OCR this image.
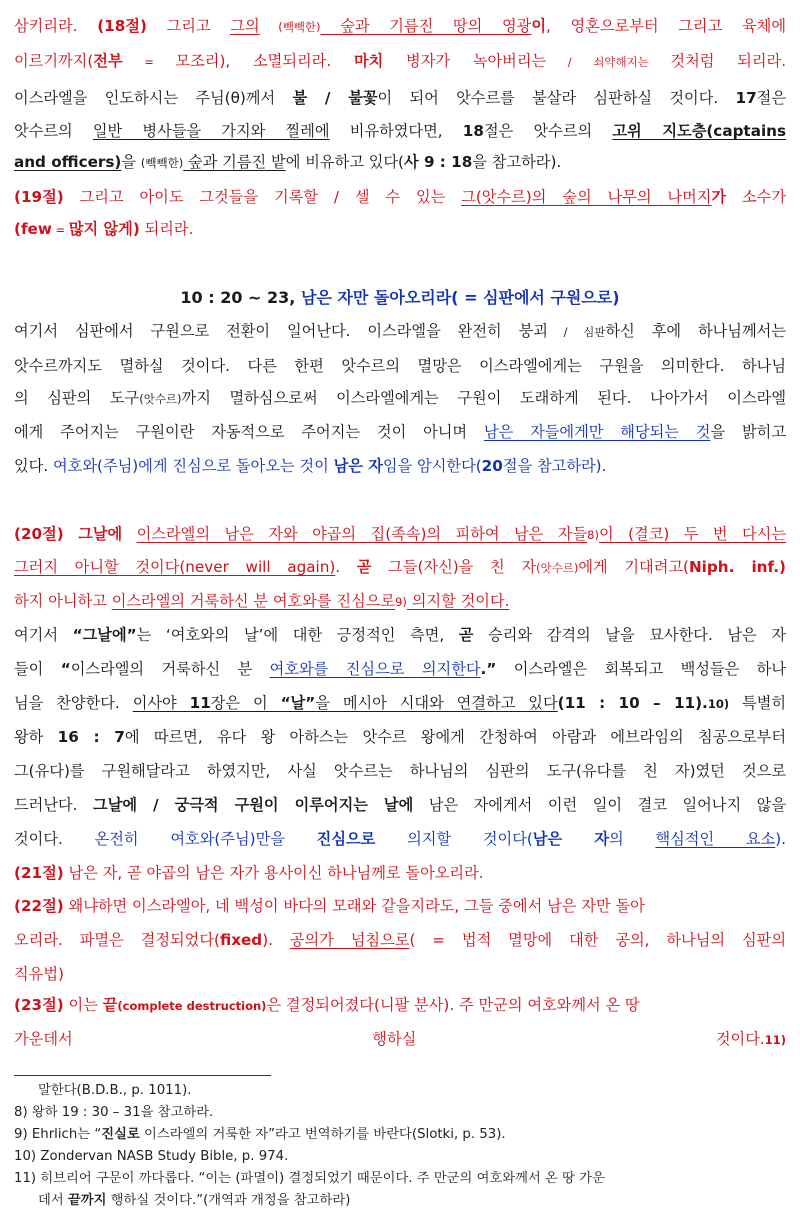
삼키리라. (18절) 그리고 그의 (빽빽한) 숲과 기름진 땅의 영광이, 영혼으로부터 그리고 육체에
이르기까지(전부 = 모조리), 소멸되리라. 마치 병자가 녹아버리는 / 쇠약해지는 것처럼 되리라.
이스라엘을 인도하시는 주님(θ)께서 불 / 불꽃이 되어 앗수르를 불살라 심판하실 것이다. 17절은
앗수르의 일반 병사들을 가지와 찔레에 비유하였다면, 18절은 앗수르의 고위 지도층(captains
and officers)을 (빽빽한) 숲과 기름진 밭에 비유하고 있다(사 9 : 18을 참고하라).
(19절) 그리고 아이도 그것들을 기록할 / 셀 수 있는 그(앗수르)의 숲의 나무의 나머지가 소수가
(few = 많지 않게) 되리라.
10 : 20 ~ 23, 남은 자만 돌아오리라( = 심판에서 구원으로)
여기서 심판에서 구원으로 전환이 일어난다. 이스라엘을 완전히 붕괴 / 심판하신 후에 하나님께서는
앗수르까지도 멸하실 것이다. 다른 한편 앗수르의 멸망은 이스라엘에게는 구원을 의미한다. 하나님
의 심판의 도구(앗수르)까지 멸하심으로써 이스라엘에게는 구원이 도래하게 된다. 나아가서 이스라엘
에게 주어지는 구원이란 자동적으로 주어지는 것이 아니며 남은 자들에게만 해당되는 것을 밝히고
있다. 여호와(주님)에게 진심으로 돌아오는 것이 남은 자임을 암시한다(20절을 참고하라).
(20절) 그날에 이스라엘의 남은 자와 야곱의 집(족속)의 피하여 남은 자들8)이 (결코) 두 번 다시는
그러지 아니할 것이다(never will again). 곧 그들(자신)을 친 자(앗수르)에게 기대려고(Niph. inf.)
하지 아니하고 이스라엘의 거룩하신 분 여호와를 진심으로9) 의지할 것이다.
여기서 “그날에”는 ‘여호와의 날’에 대한 긍정적인 측면, 곧 승리와 감격의 날을 묘사한다. 남은 자
들이 “이스라엘의 거룩하신 분 여호와를 진심으로 의지한다.” 이스라엘은 회복되고 백성들은 하나
님을 찬양한다. 이사야 11장은 이 “날”을 메시아 시대와 연결하고 있다(11 : 10 – 11).10) 특별히
왕하 16 : 7에 따르면, 유다 왕 아하스는 앗수르 왕에게 간청하여 아람과 에브라임의 침공으로부터
그(유다)를 구원해달라고 하였지만, 사실 앗수르는 하나님의 심판의 도구(유다를 친 자)였던 것으로
드러난다. 그날에 / 궁극적 구원이 이루어지는 날에 남은 자에게서 이런 일이 결코 일어나지 않을
것이다. 온전히 여호와(주님)만을 진심으로 의지할 것이다(남은 자의 핵심적인 요소).
(21절) 남은 자, 곧 야곱의 남은 자가 용사이신 하나님께로 돌아오리라.
(22절) 왜냐하면 이스라엘아, 네 백성이 바다의 모래와 같을지라도, 그들 중에서 남은 자만 돌아
오리라. 파멸은 결정되었다(fixed). 공의가 넘침으로( = 법적 멸망에 대한 공의, 하나님의 심판의
직유법)
(23절) 이는 끝(complete destruction)은 결정되어졌다(니팔 분사). 주 만군의 여호와께서 온 땅
가운데서 행하실 것이다.11)
말한다(B.D.B., p. 1011).
8) 왕하 19 : 30 – 31을 참고하라.
9) Ehrlich는 “진실로 이스라엘의 거룩한 자”라고 번역하기를 바란다(Slotki, p. 53).
10) Zondervan NASB Study Bible, p. 974.
11) 히브리어 구문이 까다롭다. “이는 (파멸이) 결정되었기 때문이다. 주 만군의 여호와께서 온 땅 가운
데서 끝까지 행하실 것이다.”(개역과 개정을 참고하라)
